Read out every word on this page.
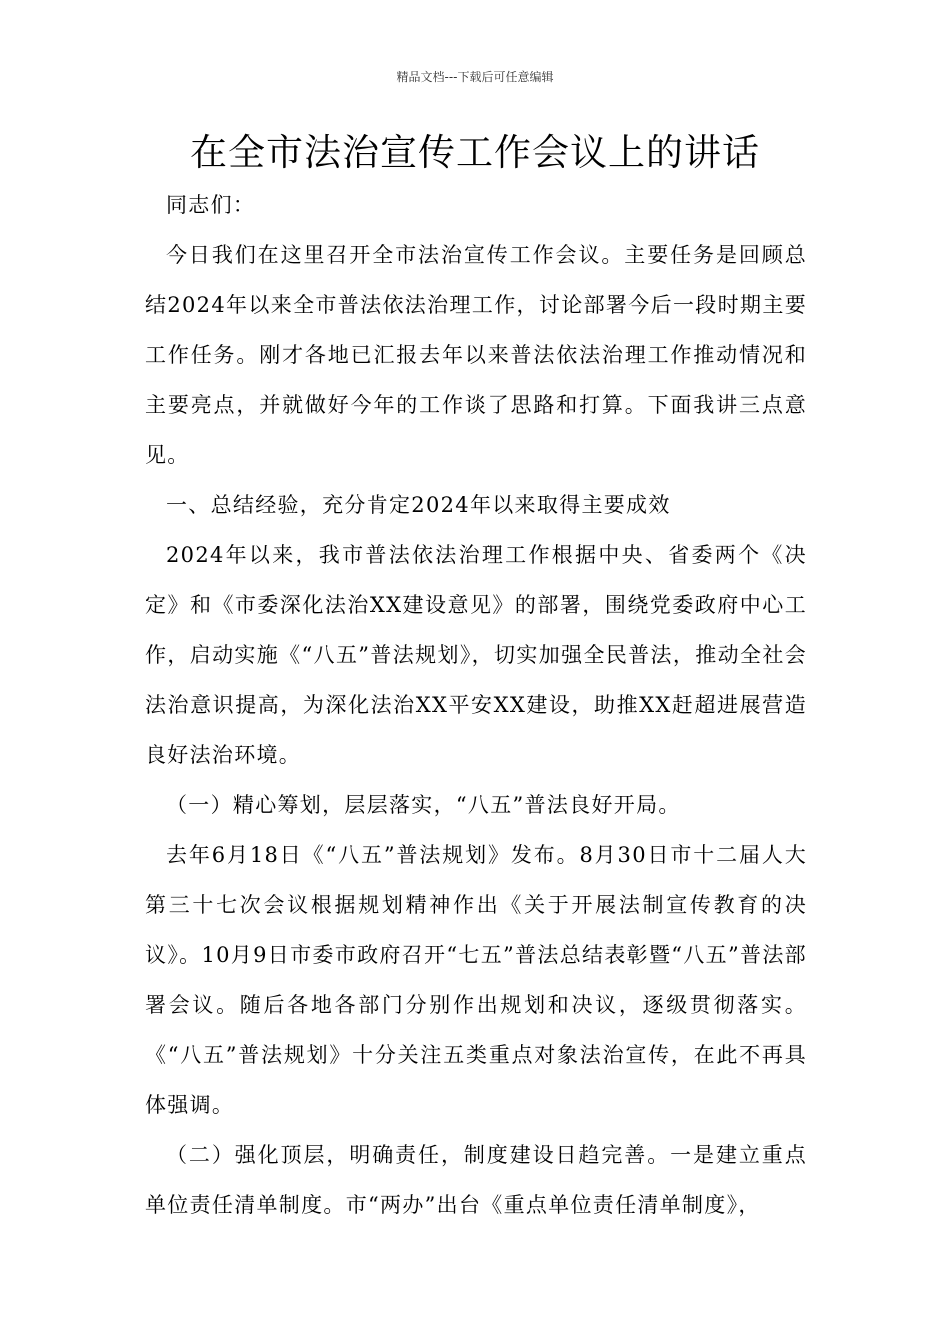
精品文档---下载后可任意编辑
在全市法治宣传工作会议上的讲话

同志们：

今日我们在这里召开全市法治宣传工作会议。主要任务是回顾总结2024年以来全市普法依法治理工作，讨论部署今后一段时期主要工作任务。刚才各地已汇报去年以来普法依法治理工作推动情况和主要亮点，并就做好今年的工作谈了思路和打算。下面我讲三点意见。

一、总结经验，充分肯定2024年以来取得主要成效

2024年以来，我市普法依法治理工作根据中央、省委两个《决定》和《市委深化法治XX建设意见》的部署，围绕党委政府中心工作，启动实施《“八五”普法规划》，切实加强全民普法，推动全社会法治意识提高，为深化法治XX平安XX建设，助推XX赶超进展营造良好法治环境。

（一）精心筹划，层层落实，“八五”普法良好开局。

去年6月18日《“八五”普法规划》发布。8月30日市十二届人大第三十七次会议根据规划精神作出《关于开展法制宣传教育的决议》。10月9日市委市政府召开“七五”普法总结表彰暨“八五”普法部署会议。随后各地各部门分别作出规划和决议，逐级贯彻落实。《“八五”普法规划》十分关注五类重点对象法治宣传，在此不再具体强调。

（二）强化顶层，明确责任，制度建设日趋完善。一是建立重点单位责任清单制度。市“两办”出台《重点单位责任清单制度》，
